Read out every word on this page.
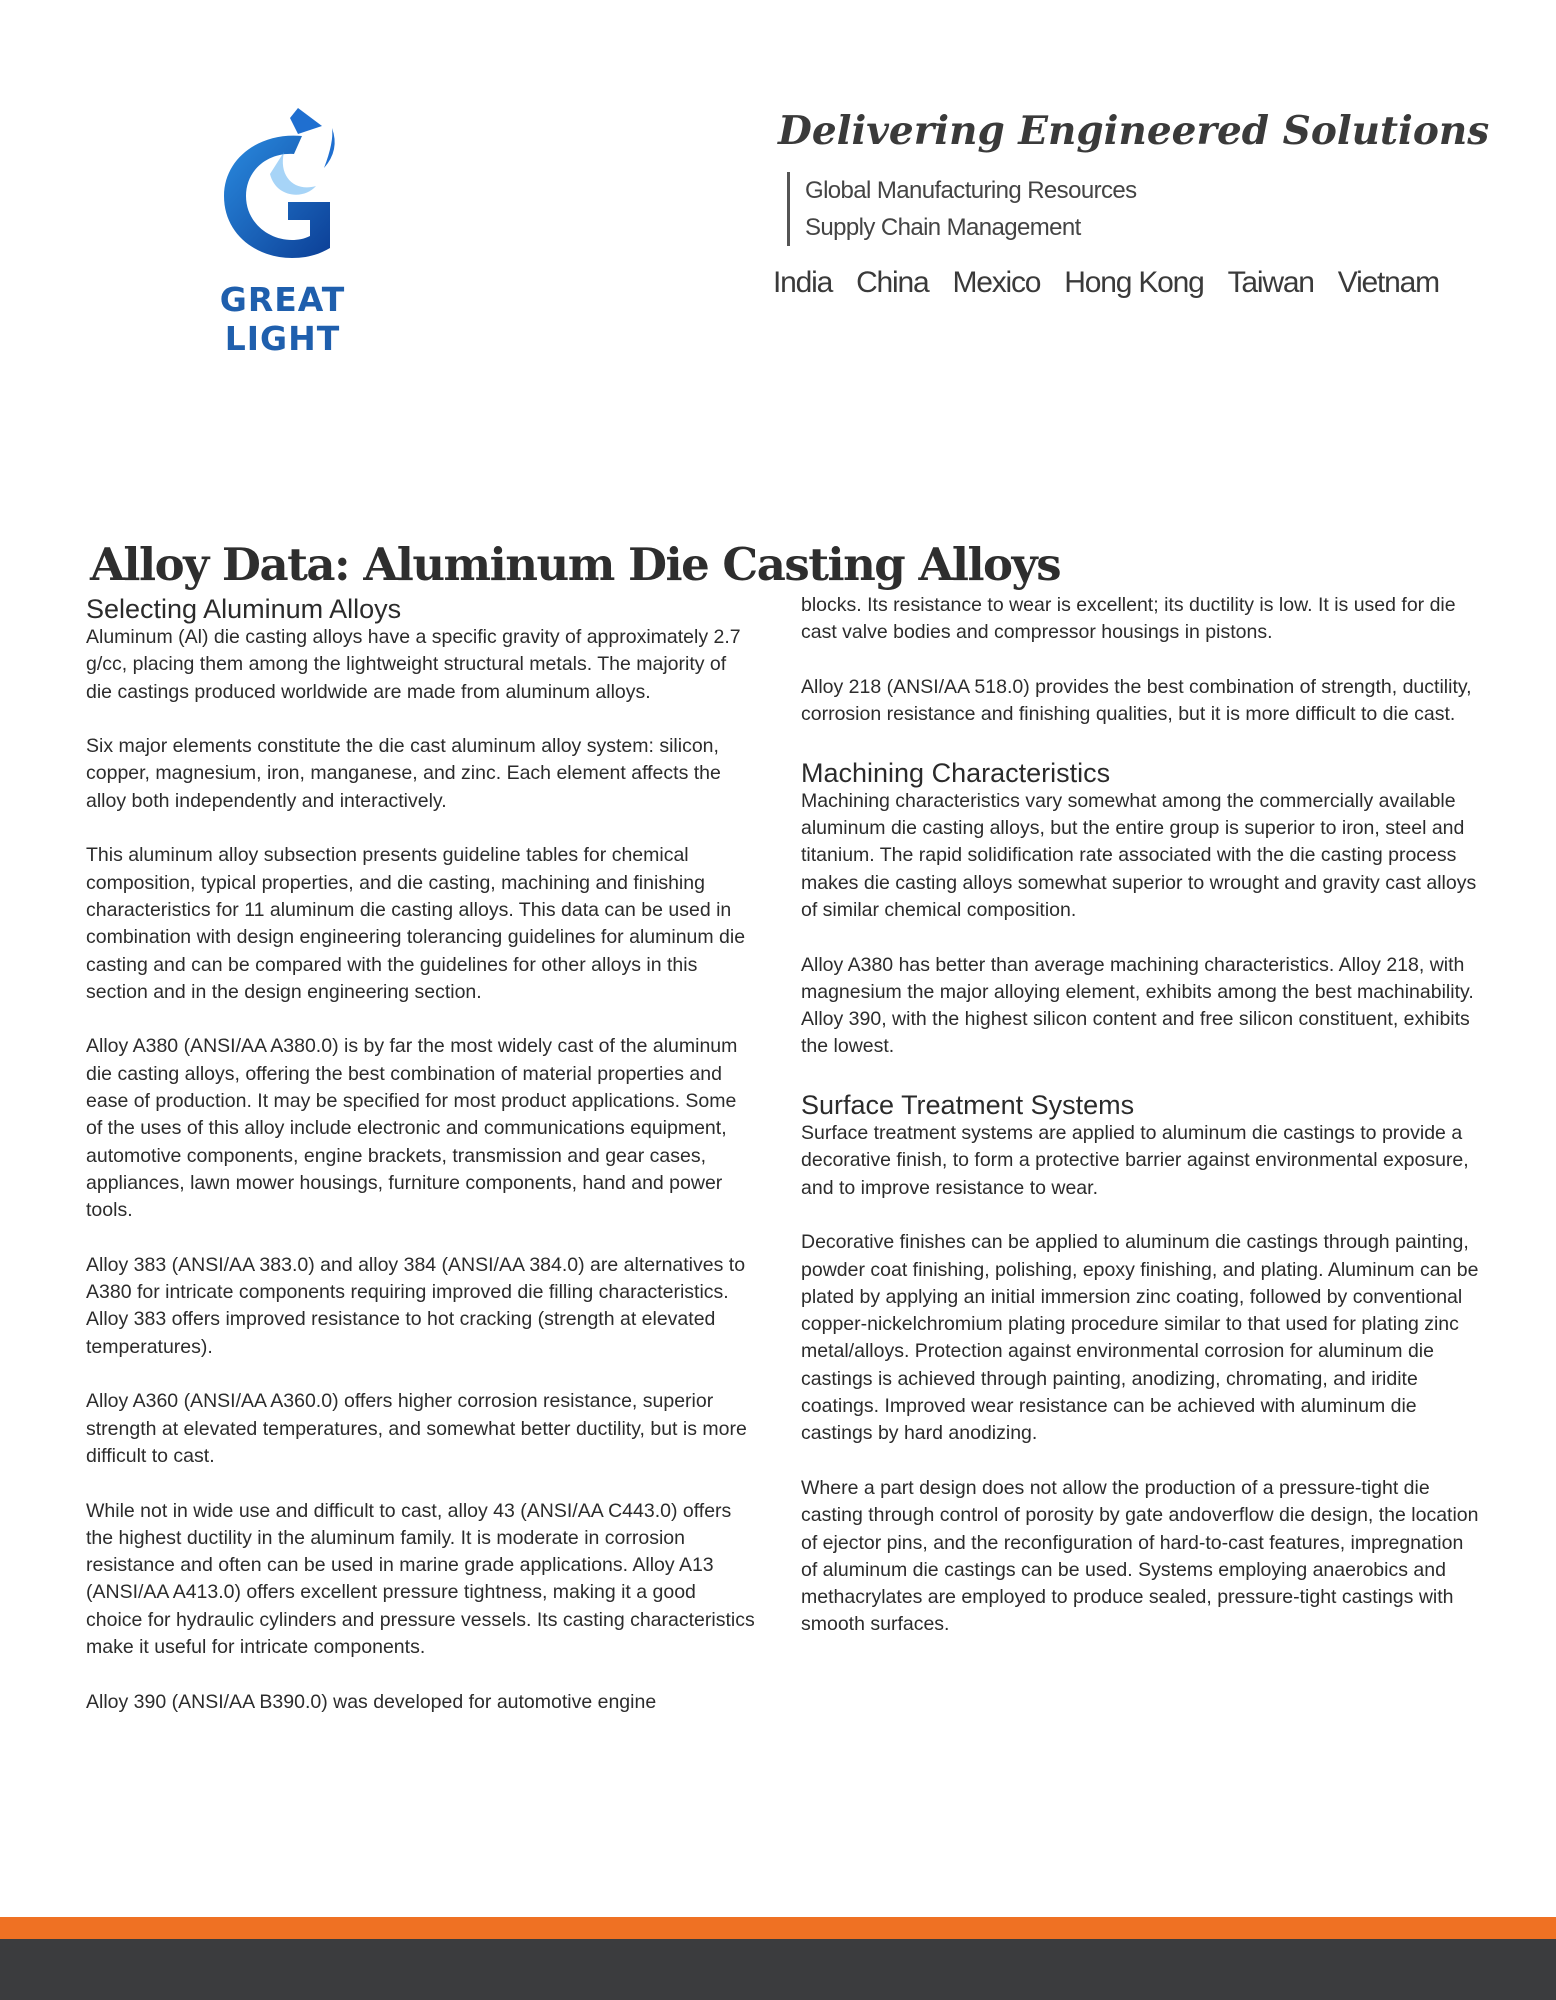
GREAT LIGHT
Delivering Engineered Solutions
Global Manufacturing Resources
Supply Chain Management
India China Mexico Hong Kong Taiwan Vietnam
Alloy Data: Aluminum Die Casting Alloys
Selecting Aluminum Alloys

Aluminum (Al) die casting alloys have a specific gravity of approximately 2.7 g/cc, placing them among the lightweight structural metals. The majority of die castings produced worldwide are made from aluminum alloys.

Six major elements constitute the die cast aluminum alloy system: silicon, copper, magnesium, iron, manganese, and zinc. Each element affects the alloy both independently and interactively.

This aluminum alloy subsection presents guideline tables for chemical composition, typical properties, and die casting, machining and finishing characteristics for 11 aluminum die casting alloys. This data can be used in combination with design engineering tolerancing guidelines for aluminum die casting and can be compared with the guidelines for other alloys in this section and in the design engineering section.

Alloy A380 (ANSI/AA A380.0) is by far the most widely cast of the aluminum die casting alloys, offering the best combination of material properties and ease of production. It may be specified for most product applications. Some of the uses of this alloy include electronic and communications equipment, automotive components, engine brackets, transmission and gear cases, appliances, lawn mower housings, furniture components, hand and power tools.

Alloy 383 (ANSI/AA 383.0) and alloy 384 (ANSI/AA 384.0) are alternatives to A380 for intricate components requiring improved die filling characteristics. Alloy 383 offers improved resistance to hot cracking (strength at elevated temperatures).

Alloy A360 (ANSI/AA A360.0) offers higher corrosion resistance, superior strength at elevated temperatures, and somewhat better ductility, but is more difficult to cast.

While not in wide use and difficult to cast, alloy 43 (ANSI/AA C443.0) offers the highest ductility in the aluminum family. It is moderate in corrosion resistance and often can be used in marine grade applications. Alloy A13 (ANSI/AA A413.0) offers excellent pressure tightness, making it a good choice for hydraulic cylinders and pressure vessels. Its casting characteristics make it useful for intricate components.

Alloy 390 (ANSI/AA B390.0) was developed for automotive engine

blocks. Its resistance to wear is excellent; its ductility is low. It is used for die cast valve bodies and compressor housings in pistons.

Alloy 218 (ANSI/AA 518.0) provides the best combination of strength, ductility, corrosion resistance and finishing qualities, but it is more difficult to die cast.

Machining Characteristics

Machining characteristics vary somewhat among the commercially available aluminum die casting alloys, but the entire group is superior to iron, steel and titanium. The rapid solidification rate associated with the die casting process makes die casting alloys somewhat superior to wrought and gravity cast alloys of similar chemical composition.

Alloy A380 has better than average machining characteristics. Alloy 218, with magnesium the major alloying element, exhibits among the best machinability. Alloy 390, with the highest silicon content and free silicon constituent, exhibits the lowest.

Surface Treatment Systems

Surface treatment systems are applied to aluminum die castings to provide a decorative finish, to form a protective barrier against environmental exposure, and to improve resistance to wear.

Decorative finishes can be applied to aluminum die castings through painting, powder coat finishing, polishing, epoxy finishing, and plating. Aluminum can be plated by applying an initial immersion zinc coating, followed by conventional copper-nickelchromium plating procedure similar to that used for plating zinc metal/alloys. Protection against environmental corrosion for aluminum die castings is achieved through painting, anodizing, chromating, and iridite coatings. Improved wear resistance can be achieved with aluminum die castings by hard anodizing.

Where a part design does not allow the production of a pressure-tight die casting through control of porosity by gate andoverflow die design, the location of ejector pins, and the reconfiguration of hard-to-cast features, impregnation of aluminum die castings can be used. Systems employing anaerobics and methacrylates are employed to produce sealed, pressure-tight castings with smooth surfaces.
